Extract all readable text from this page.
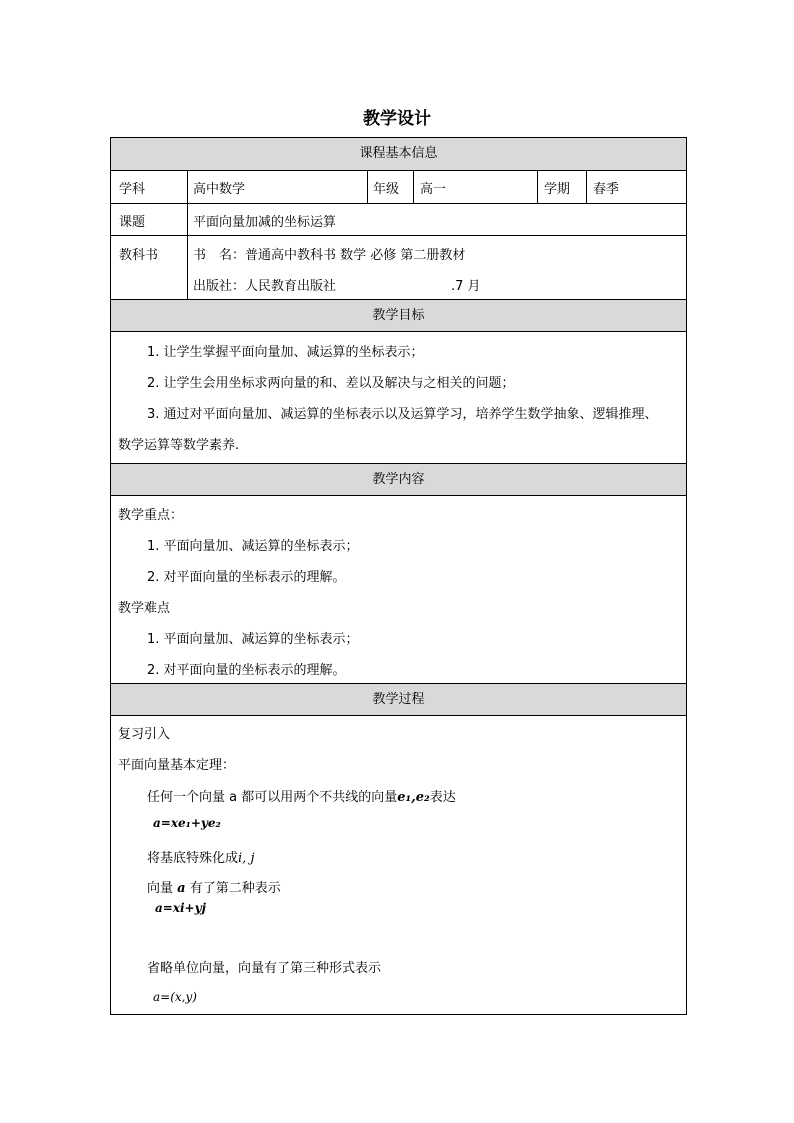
教学设计
课程基本信息
学科	高中数学	年级	高一	学期	春季
课题	平面向量加减的坐标运算
教科书	书　名：普通高中教科书 数学 必修 第二册教材
出版社：人民教育出版社	.7 月
教学目标
1. 让学生掌握平面向量加、减运算的坐标表示；
2. 让学生会用坐标求两向量的和、差以及解决与之相关的问题；
3. 通过对平面向量加、减运算的坐标表示以及运算学习，培养学生数学抽象、逻辑推理、
数学运算等数学素养.
教学内容
教学重点：
1. 平面向量加、减运算的坐标表示；
2. 对平面向量的坐标表示的理解。
教学难点
1. 平面向量加、减运算的坐标表示；
2. 对平面向量的坐标表示的理解。
教学过程
复习引入
平面向量基本定理：
任何一个向量 a 都可以用两个不共线的向量e₁,e₂表达
a=xe₁+ye₂
将基底特殊化成i, j
向量 a 有了第二种表示
a=xi+yj
省略单位向量，向量有了第三种形式表示
a=(x,y)
